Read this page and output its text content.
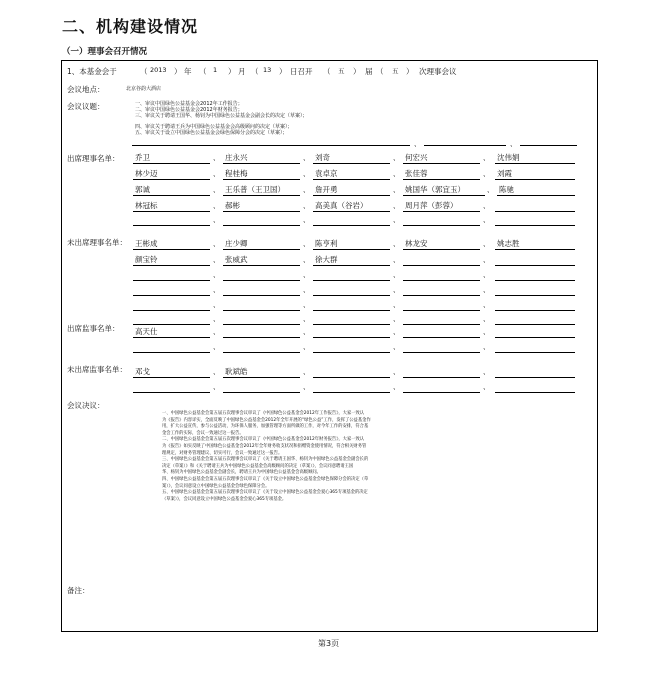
二、机构建设情况
（一）理事会召开情况
1、本基金会于	（ 2013 ） 年 （ 1 ） 月 （ 13 ） 日召开 （ 五 ） 届 （ 五 ） 次理事会议
会议地点：	北京谷韵大酒店
会议议题：	一、审议中国绿色公益基金会2012年工作报告；
二、审议中国绿色公益基金会2012年财务报告；
三、审议关于聘请王国华、杨钊为中国绿色公益基金会副会长的决定（草案）；
四、审议关于聘请王兵为中国绿色公益基金会高级顾问的决定（草案）；
五、审议关于设立中国绿色公益基金会绿色保障分会的决定（草案）；
、	、
出席理事名单：	乔卫	、 庄永兴	、 刘奇	、 何宏兴	、 沈伟娟
林少迈	、 程桂梅	、 袁卓京	、 张佳蓉	、 刘霞
郭诚	、 王乐普（王卫国）	、 詹开勇	、 姚国华（郭宜玉）	、 陈驰
林冠标	、 郝彬	、 高美真（谷岩）	、 周月萍（彭蓉）	、
、	、	、	、
未出席理事名单：	王彬成	、 庄少卿	、 陈亨利	、 林龙安	、 姚志胜
颜宝铃	、 张威武	、 徐大群	、	、
、	、	、	、
、	、	、	、
、	、	、	、
、	、	、	、
出席监事名单：	高天仕	、	、	、	、
、	、	、	、
未出席监事名单：	邓戈	、 耿斌皓	、	、	、
、	、	、	、
会议决议：
一、中国绿色公益基金会第五届五次理事会议审议了《中国绿色公益基金会2012年工作报告》，大家一致认
为《报告》内容详实，全面反映了中国绿色公益基金会2012年全年开展的“绿色公益”工作，发挥了公益基金作
用，扩大公益宣传，参与公益活动，为环保人服务，加强管理等方面所做的工作，对今年工作的安排，符合基
金会工作的实际，会议一致通过这一报告。
二、中国绿色公益基金会第五届五次理事会议审议了《中国绿色公益基金会2012年财务报告》，大家一致认
为《报告》如实反映了中国绿色公益基金会2012年全年财务收支状况和捐赠资金使用情况，符合相关财务管
理规定，对财务管理建议、切实可行，会议一致通过这一报告。
三、中国绿色公益基金会第五届五次理事会议审议了《关于聘请王国华、杨钊为中国绿色公益基金会副会长的
决定（草案）》和《关于聘请王兵为中国绿色公益基金会高级顾问的决定（草案）》，会议同意聘请王国
华、杨钊为中国绿色公益基金会副会长，聘请王兵为中国绿色公益基金会高级顾问。
四、中国绿色公益基金会第五届五次理事会议审议了《关于设立中国绿色公益基金会绿色保障分会的决定（草
案）》，会议同意设立中国绿色公益基金会绿色保障分会。
五、中国绿色公益基金会第五届五次理事会议审议了《关于设立中国绿色公益基金会爱心365专项基金的决定
（草案）》，会议同意设立中国绿色公益基金会爱心365专项基金。
备注：
第3页
